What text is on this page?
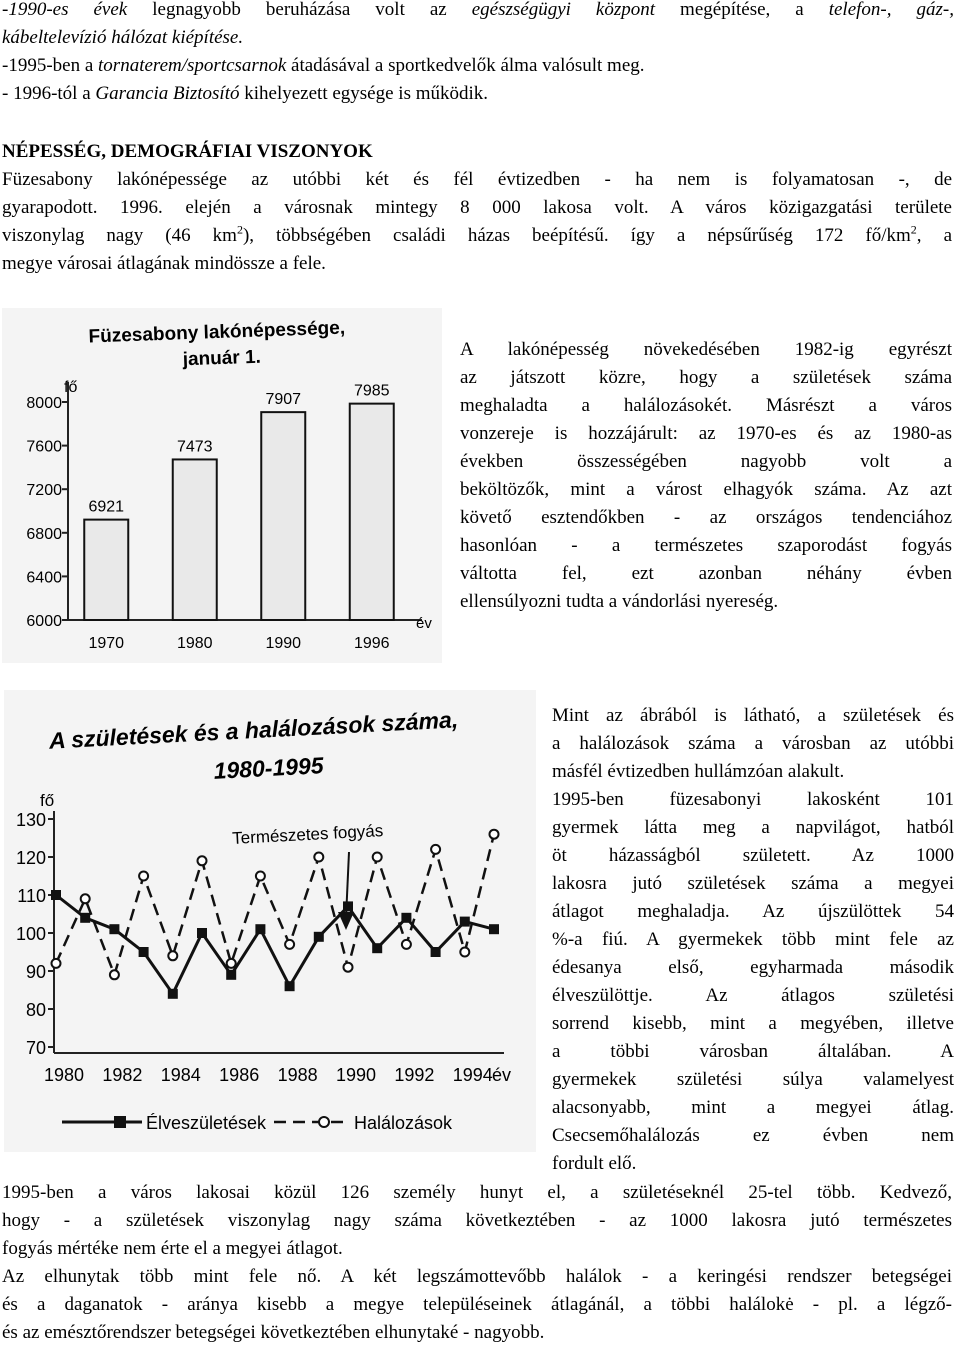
-1990-es évek legnagyobb beruházása volt az egészségügyi központ megépítése, a telefon-, gáz-,
kábeltelevízió hálózat kiépítése.
-1995-ben a tornaterem/sportcsarnok átadásával a sportkedvelők álma valósult meg.
- 1996-tól a Garancia Biztosító kihelyezett egysége is működik.
NÉPESSÉG, DEMOGRÁFIAI VISZONYOK
Füzesabony lakónépessége az utóbbi két és fél évtizedben - ha nem is folyamatosan -, de
gyarapodott. 1996. elején a városnak mintegy 8 000 lakosa volt. A város közigazgatási területe
viszonylag nagy (46 $km^2$), többségében családi házas beépítésű. így a népsűrűség 172 $fő/km^2$, a
megye városai átlagának mindössze a fele.
Füzesabony lakónépessége,
január 1.
fő
8000
7600
7200
6800
6400
6000
6921
1970
7473
1980
7907
1990
7985
1996
év
A lakónépesség növekedésében 1982-ig egyrészt
az játszott közre, hogy a születések száma
meghaladta a halálozásokét. Másrészt a város
vonzereje is hozzájárult: az 1970-es és az 1980-as
években összességében nagyobb volt a
beköltözők, mint a várost elhagyók száma. Az azt
követő esztendőkben - az országos tendenciához
hasonlóan - a természetes szaporodást fogyás
váltotta fel, ezt azonban néhány évben
ellensúlyozni tudta a vándorlási nyereség.
A születések és a halálozások száma,
1980-1995
fő
Természetes fogyás
130
120
110
100
90
80
70
1980 1982 1984 1986 1988 1990 1992 1994 év
Élveszületések	Halálozások
Mint az ábrából is látható, a születések és
a halálozások száma a városban az utóbbi
másfél évtizedben hullámzóan alakult.
1995-ben füzesabonyi lakosként 101
gyermek látta meg a napvilágot, hatból
öt házasságból született. Az 1000
lakosra jutó születések száma a megyei
átlagot meghaladja. Az újszülöttek 54
%-a fiú. A gyermekek több mint fele az
édesanya első, egyharmada második
élveszülöttje. Az átlagos születési
sorrend kisebb, mint a megyében, illetve
a többi városban általában. A
gyermekek születési súlya valamelyest
alacsonyabb, mint a megyei átlag.
Csecsemőhalálozás ez évben nem
fordult elő.
1995-ben a város lakosai közül 126 személy hunyt el, a születéseknél 25-tel több. Kedvező,
hogy - a születések viszonylag nagy száma következtében - az 1000 lakosra jutó természetes
fogyás mértéke nem érte el a megyei átlagot.
Az elhunytak több mint fele nő. A két legszámottevőbb halálok - a keringési rendszer betegségei
és a daganatok - aránya kisebb a megye településeinek átlagánál, a többi halálokė - pl. a légző-
és az emésztőrendszer betegségei következtében elhunytaké - nagyobb.
